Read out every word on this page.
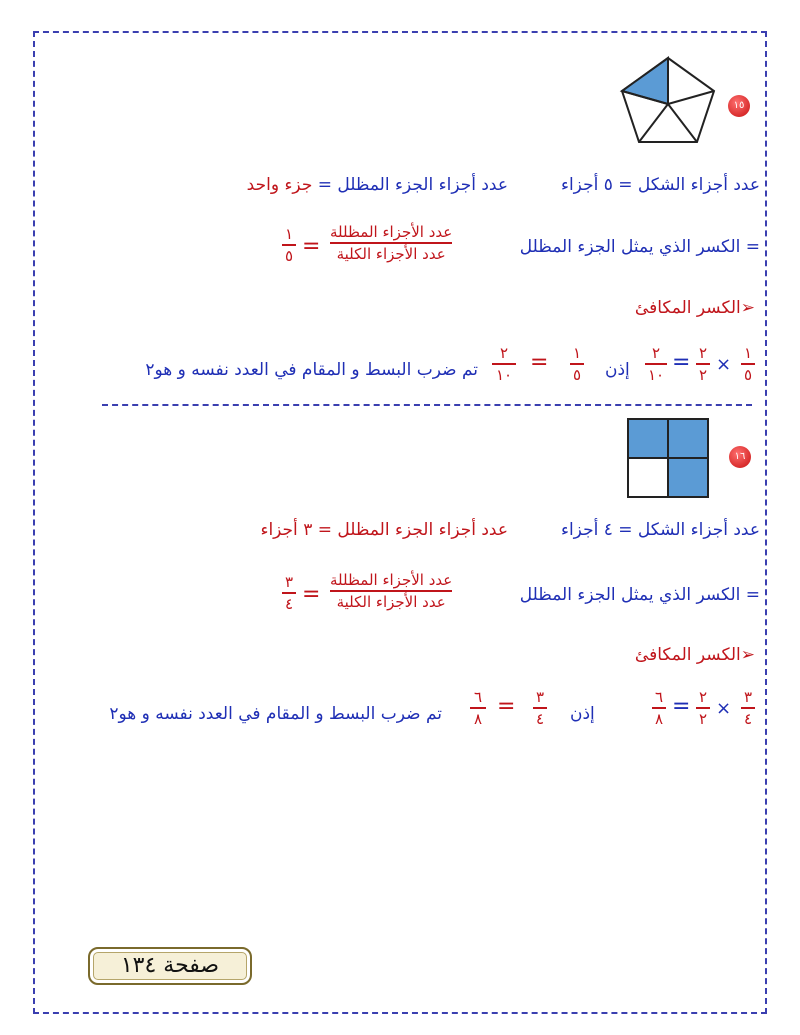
١٥
عدد أجزاء الشكل = ٥ أجزاء
عدد أجزاء الجزء المظلل = جزء واحد
الكسر الذي يمثل الجزء المظلل =
عدد الأجزاء المظللة
عدد الأجزاء الكلية
=
١
٥
➢الكسر المكافئ
١
٥
×
٢
٢
=
٢
١٠
إذن
١
٥
=
٢
١٠
تم ضرب البسط و المقام في العدد نفسه و هو٢
١٦
عدد أجزاء الشكل = ٤ أجزاء
عدد أجزاء الجزء المظلل = ٣ أجزاء
الكسر الذي يمثل الجزء المظلل =
عدد الأجزاء المظللة
عدد الأجزاء الكلية
=
٣
٤
➢الكسر المكافئ
٣
٤
×
٢
٢
=
٦
٨
إذن
٣
٤
=
٦
٨
تم ضرب البسط و المقام في العدد نفسه و هو٢
صفحة ١٣٤
